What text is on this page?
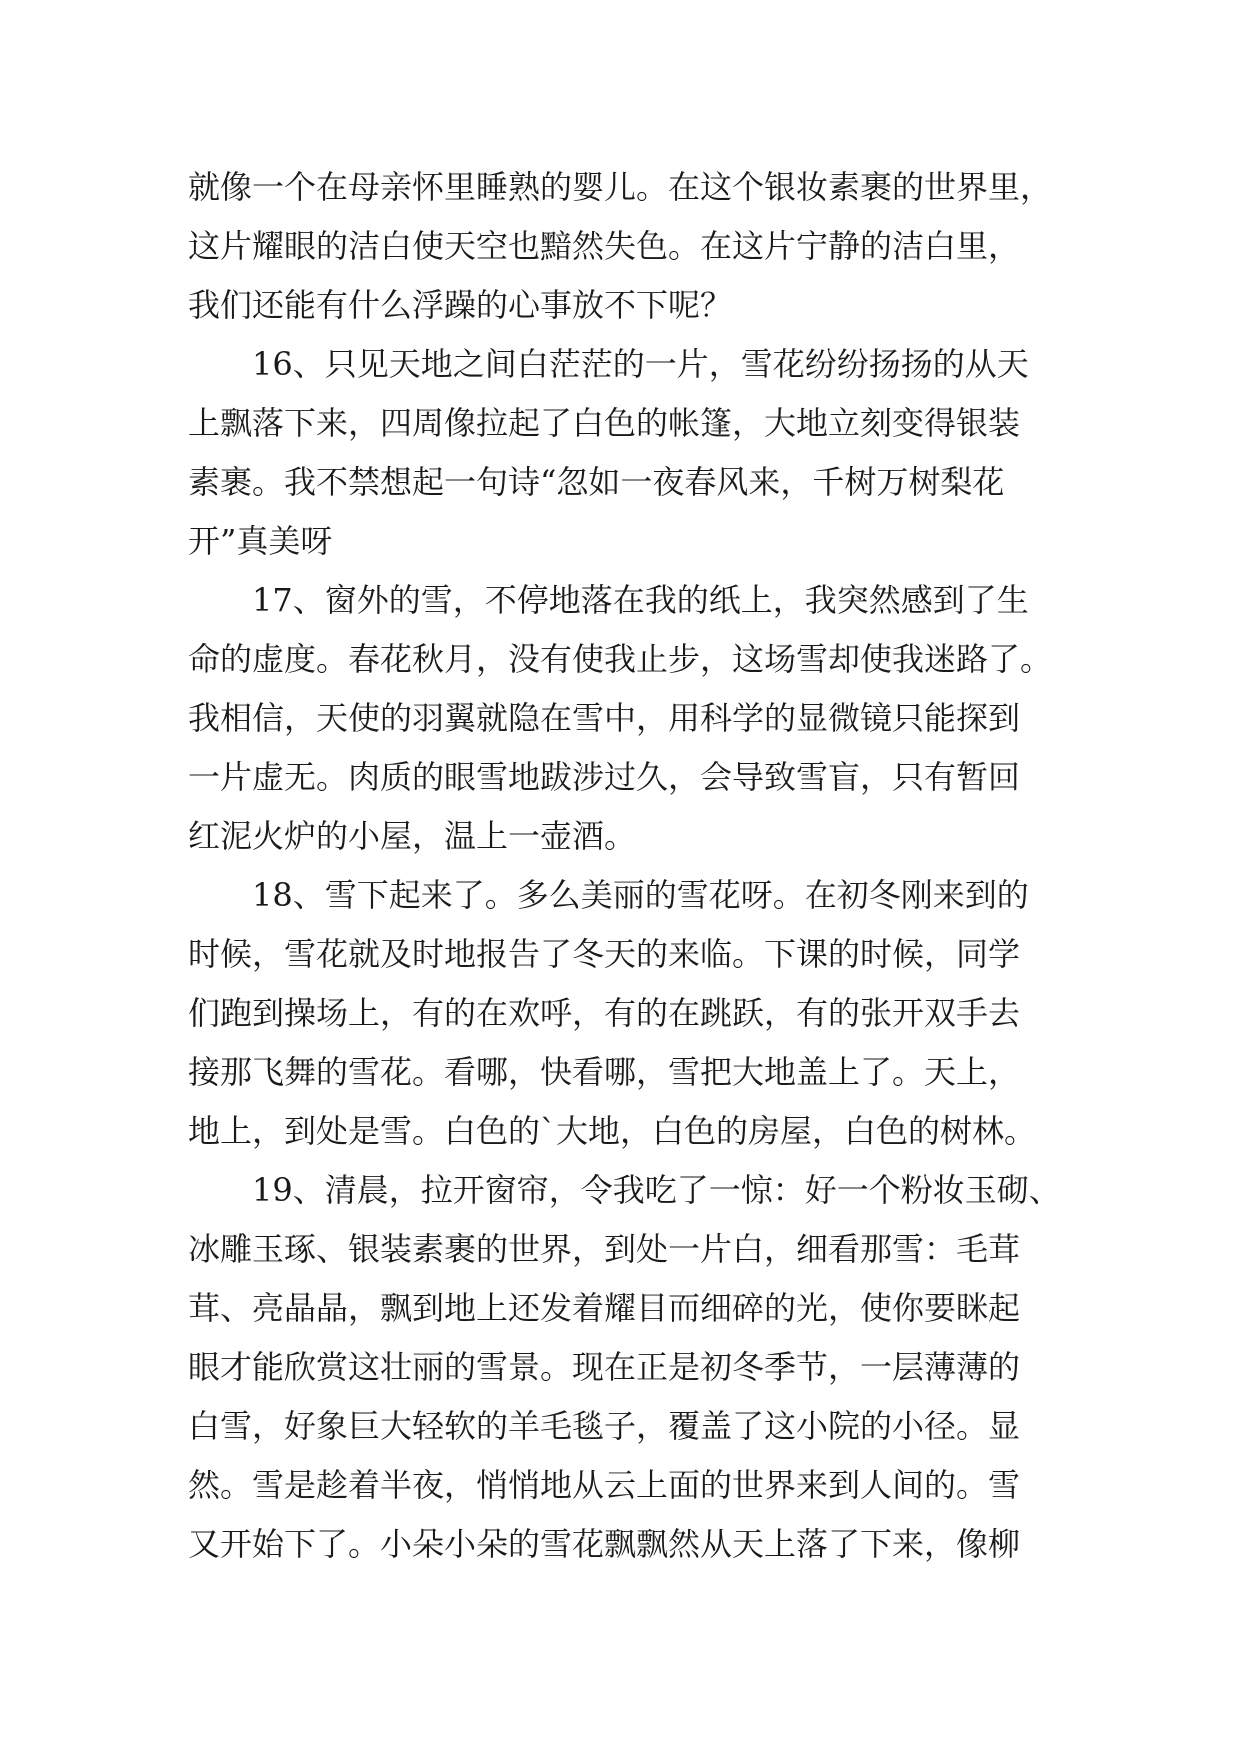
就像一个在母亲怀里睡熟的婴儿。在这个银妆素裹的世界里，
这片耀眼的洁白使天空也黯然失色。在这片宁静的洁白里，
我们还能有什么浮躁的心事放不下呢？
16、只见天地之间白茫茫的一片，雪花纷纷扬扬的从天
上飘落下来，四周像拉起了白色的帐篷，大地立刻变得银装
素裹。我不禁想起一句诗“忽如一夜春风来，千树万树梨花
开”真美呀
17、窗外的雪，不停地落在我的纸上，我突然感到了生
命的虚度。春花秋月，没有使我止步，这场雪却使我迷路了。
我相信，天使的羽翼就隐在雪中，用科学的显微镜只能探到
一片虚无。肉质的眼雪地跋涉过久，会导致雪盲，只有暂回
红泥火炉的小屋，温上一壶酒。
18、雪下起来了。多么美丽的雪花呀。在初冬刚来到的
时候，雪花就及时地报告了冬天的来临。下课的时候，同学
们跑到操场上，有的在欢呼，有的在跳跃，有的张开双手去
接那飞舞的雪花。看哪，快看哪，雪把大地盖上了。天上，
地上，到处是雪。白色的`大地，白色的房屋，白色的树林。
19、清晨，拉开窗帘，令我吃了一惊：好一个粉妆玉砌、
冰雕玉琢、银装素裹的世界，到处一片白，细看那雪：毛茸
茸、亮晶晶，飘到地上还发着耀目而细碎的光，使你要眯起
眼才能欣赏这壮丽的雪景。现在正是初冬季节，一层薄薄的
白雪，好象巨大轻软的羊毛毯子，覆盖了这小院的小径。显
然。雪是趁着半夜，悄悄地从云上面的世界来到人间的。雪
又开始下了。小朵小朵的雪花飘飘然从天上落了下来，像柳
